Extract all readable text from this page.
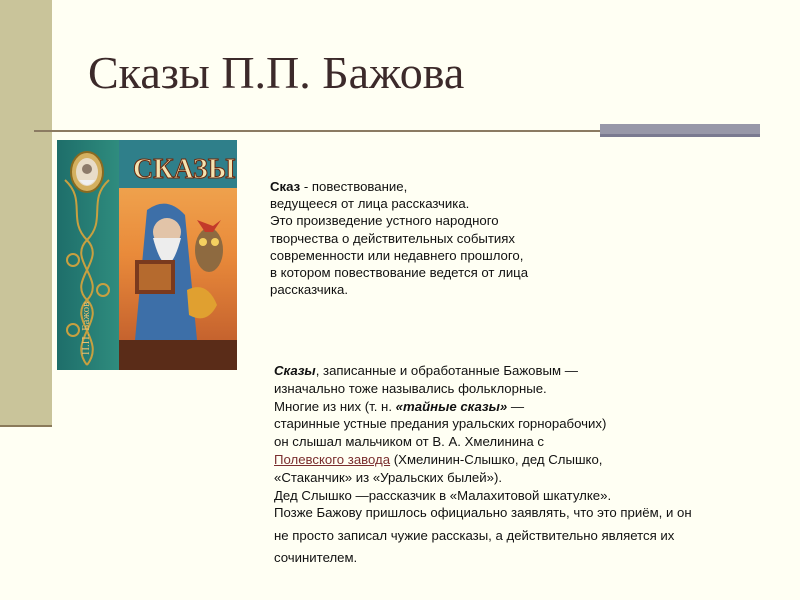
Сказы П.П. Бажова
СКАЗЫ
П.П. Бажов
Сказ - повествование,
ведущееся от лица рассказчика.
Это произведение устного народного
творчества о действительных событиях
современности или недавнего прошлого,
в котором повествование ведется от лица
рассказчика.
Сказы, записанные и обработанные Бажовым —
изначально тоже назывались фольклорные.
Многие из них (т. н. «тайные сказы» —
старинные устные предания уральских горнорабочих)
он слышал мальчиком от В. А. Хмелинина с
Полевского завода (Хмелинин-Слышко, дед Слышко,
«Стаканчик» из «Уральских былей»).
Дед Слышко —рассказчик в «Малахитовой шкатулке».
Позже Бажову пришлось официально заявлять, что это приём, и он
не просто записал чужие рассказы, а действительно является их
сочинителем.
